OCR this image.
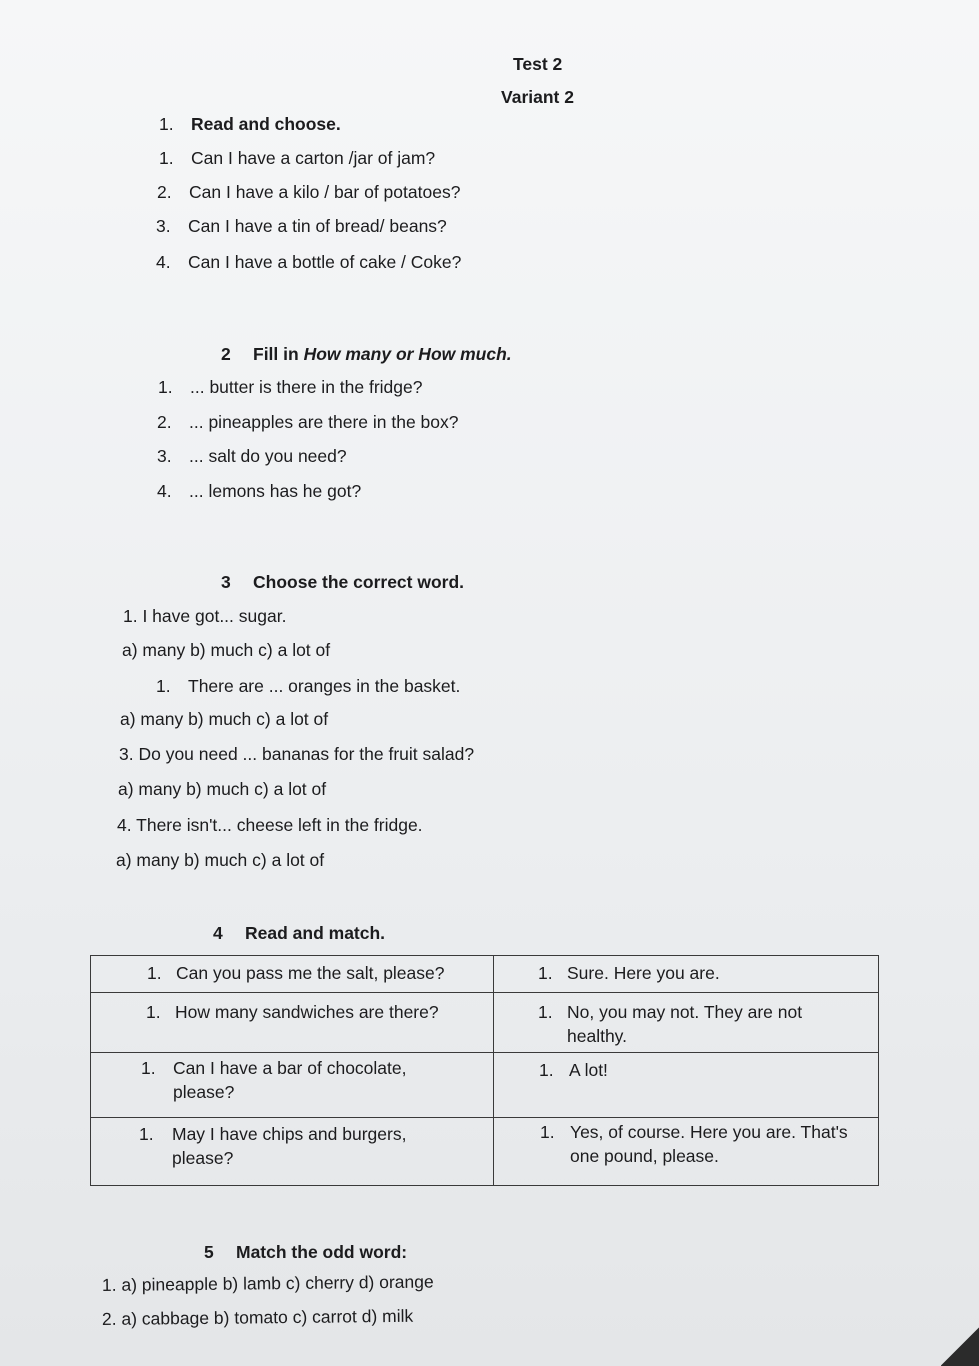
Test 2
Variant 2
1. Read and choose.
1. Can I have a carton /jar of jam?
2. Can I have a kilo / bar of potatoes?
3. Can I have a tin of bread/ beans?
4. Can I have a bottle of cake / Coke?
2 Fill in How many or How much.
1. ... butter is there in the fridge?
2. ... pineapples are there in the box?
3. ... salt do you need?
4. ... lemons has he got?
3 Choose the correct word.
1. I have got... sugar.
a) many b) much c) a lot of
1. There are ... oranges in the basket.
a) many b) much c) a lot of
3. Do you need ... bananas for the fruit salad?
a) many b) much c) a lot of
4. There isn't... cheese left in the fridge.
a) many b) much c) a lot of
4 Read and match.
1. Can you pass me the salt, please?	1. Sure. Here you are.

1. How many sandwiches are there?	1. No, you may not. They are not
healthy.

1. Can I have a bar of chocolate,
please?	1. A lot!

1. May I have chips and burgers,
please?	1. Yes, of course. Here you are. That's
one pound, please.
5 Match the odd word:
1. a) pineapple b) lamb c) cherry d) orange
2. a) cabbage b) tomato c) carrot d) milk
